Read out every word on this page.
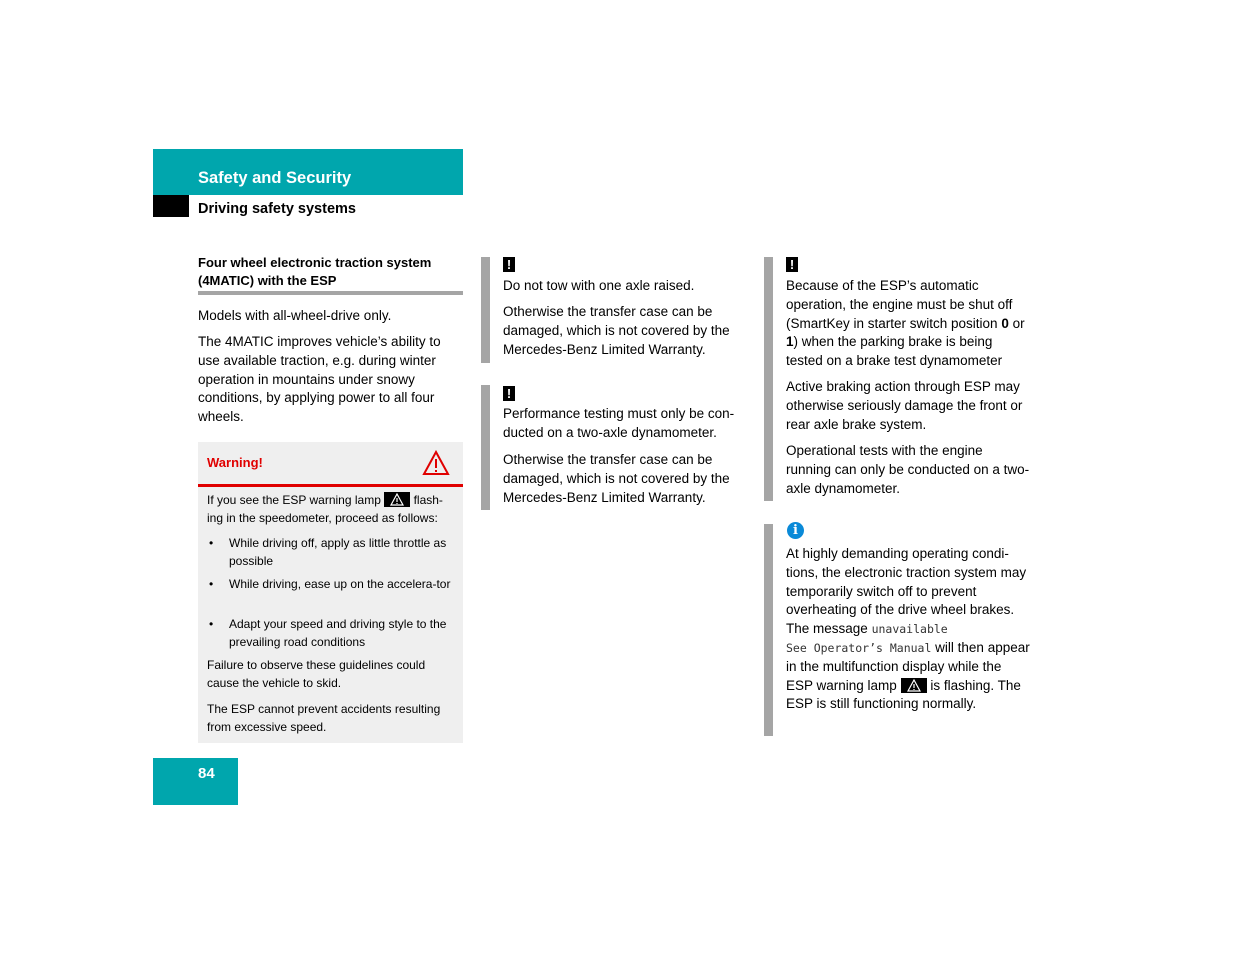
Safety and Security
Driving safety systems
Four wheel electronic traction system (4MATIC) with the ESP
Models with all-wheel-drive only.
The 4MATIC improves vehicle’s ability to use available traction, e.g. during winter operation in mountains under snowy conditions, by applying power to all four wheels.
Warning!
If you see the ESP warning lamp	flash-ing in the speedometer, proceed as follows:
• While driving off, apply as little throttle as possible
• While driving, ease up on the accelera-tor
• Adapt your speed and driving style to the prevailing road conditions
Failure to observe these guidelines could cause the vehicle to skid.
The ESP cannot prevent accidents resulting from excessive speed.
!
Do not tow with one axle raised.
Otherwise the transfer case can be damaged, which is not covered by the Mercedes-Benz Limited Warranty.
!
Performance testing must only be con-ducted on a two-axle dynamometer.
Otherwise the transfer case can be damaged, which is not covered by the Mercedes-Benz Limited Warranty.
!
Because of the ESP’s automatic operation, the engine must be shut off (SmartKey in starter switch position 0 or 1) when the parking brake is being tested on a brake test dynamometer
Active braking action through ESP may otherwise seriously damage the front or rear axle brake system.
Operational tests with the engine running can only be conducted on a two-axle dynamometer.
i
At highly demanding operating condi-tions, the electronic traction system may temporarily switch off to prevent overheating of the drive wheel brakes. The message unavailable
See Operator’s Manual will then appear in the multifunction display while the ESP warning lamp is flashing. The ESP is still functioning normally.
84
